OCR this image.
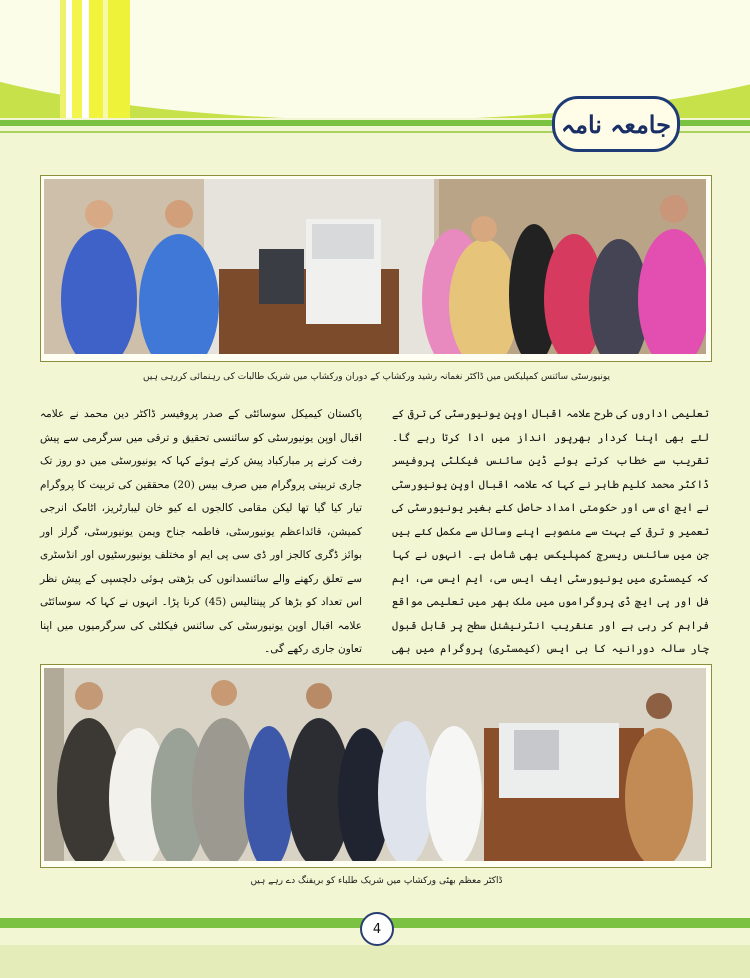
جامعہ نامہ
یونیورسٹی سائنس کمپلیکس میں ڈاکٹر نغمانہ رشید ورکشاپ کے دوران ورکشاپ میں شریک طالبات کی رہنمائی کررہی ہیں
تعلیمی اداروں کی طرح علامہ اقبال اوپن یونیورسٹی کی ترقی کے لئے بھی اپنا کردار بھرپور انداز میں ادا کرتا رہے گا۔ تقریب سے خطاب کرتے ہوئے ڈین سائنس فیکلٹی پروفیسر ڈاکٹر محمد کلیم طاہر نے کہا کہ علامہ اقبال اوپن یونیورسٹی نے ایچ ای سی اور حکومتی امداد حاصل کئے بغیر یونیورسٹی کی تعمیر و ترقی کے بہت سے منصوبے اپنے وسائل سے مکمل کئے ہیں جن میں سائنس ریسرچ کمپلیکس بھی شامل ہے۔ انہوں نے کہا کہ کیمسٹری میں یونیورسٹی ایف ایس سی، ایم ایس سی، ایم فل اور پی ایچ ڈی پروگراموں میں ملک بھر میں تعلیمی مواقع فراہم کر رہی ہے اور عنقریب انٹرنیشنل سطح پر قابل قبول چار سالہ دورانیہ کا بی ایس (کیمسٹری) پروگرام میں بھی
پاکستان کیمیکل سوسائٹی کے صدر پروفیسر ڈاکٹر دین محمد نے علامہ اقبال اوپن یونیورسٹی کو سائنسی تحقیق و ترقی میں سرگرمی سے پیش رفت کرنے پر مبارکباد پیش کرتے ہوئے کہا کہ یونیورسٹی میں دو روز تک جاری تربیتی پروگرام میں صرف بیس (20) محققین کی تربیت کا پروگرام تیار کیا گیا تھا لیکن مقامی کالجوں اے کیو خان لیبارٹریز، اٹامک انرجی کمیشن، قائداعظم یونیورسٹی، فاطمہ جناح ویمن یونیورسٹی، گرلز اور بوائز ڈگری کالجز اور ڈی سی پی ایم او مختلف یونیورسٹیوں اور انڈسٹری سے تعلق رکھنے والے سائنسدانوں کی بڑھتی ہوئی دلچسپی کے پیش نظر اس تعداد کو بڑھا کر پینتالیس (45) کرنا پڑا۔ انہوں نے کہا کہ سوسائٹی علامہ اقبال اوپن یونیورسٹی کی سائنس فیکلٹی کی سرگرمیوں میں اپنا تعاون جاری رکھے گی۔
ڈاکٹر معظم بھٹی ورکشاپ میں شریک طلباء کو بریفنگ دے رہے ہیں
4
